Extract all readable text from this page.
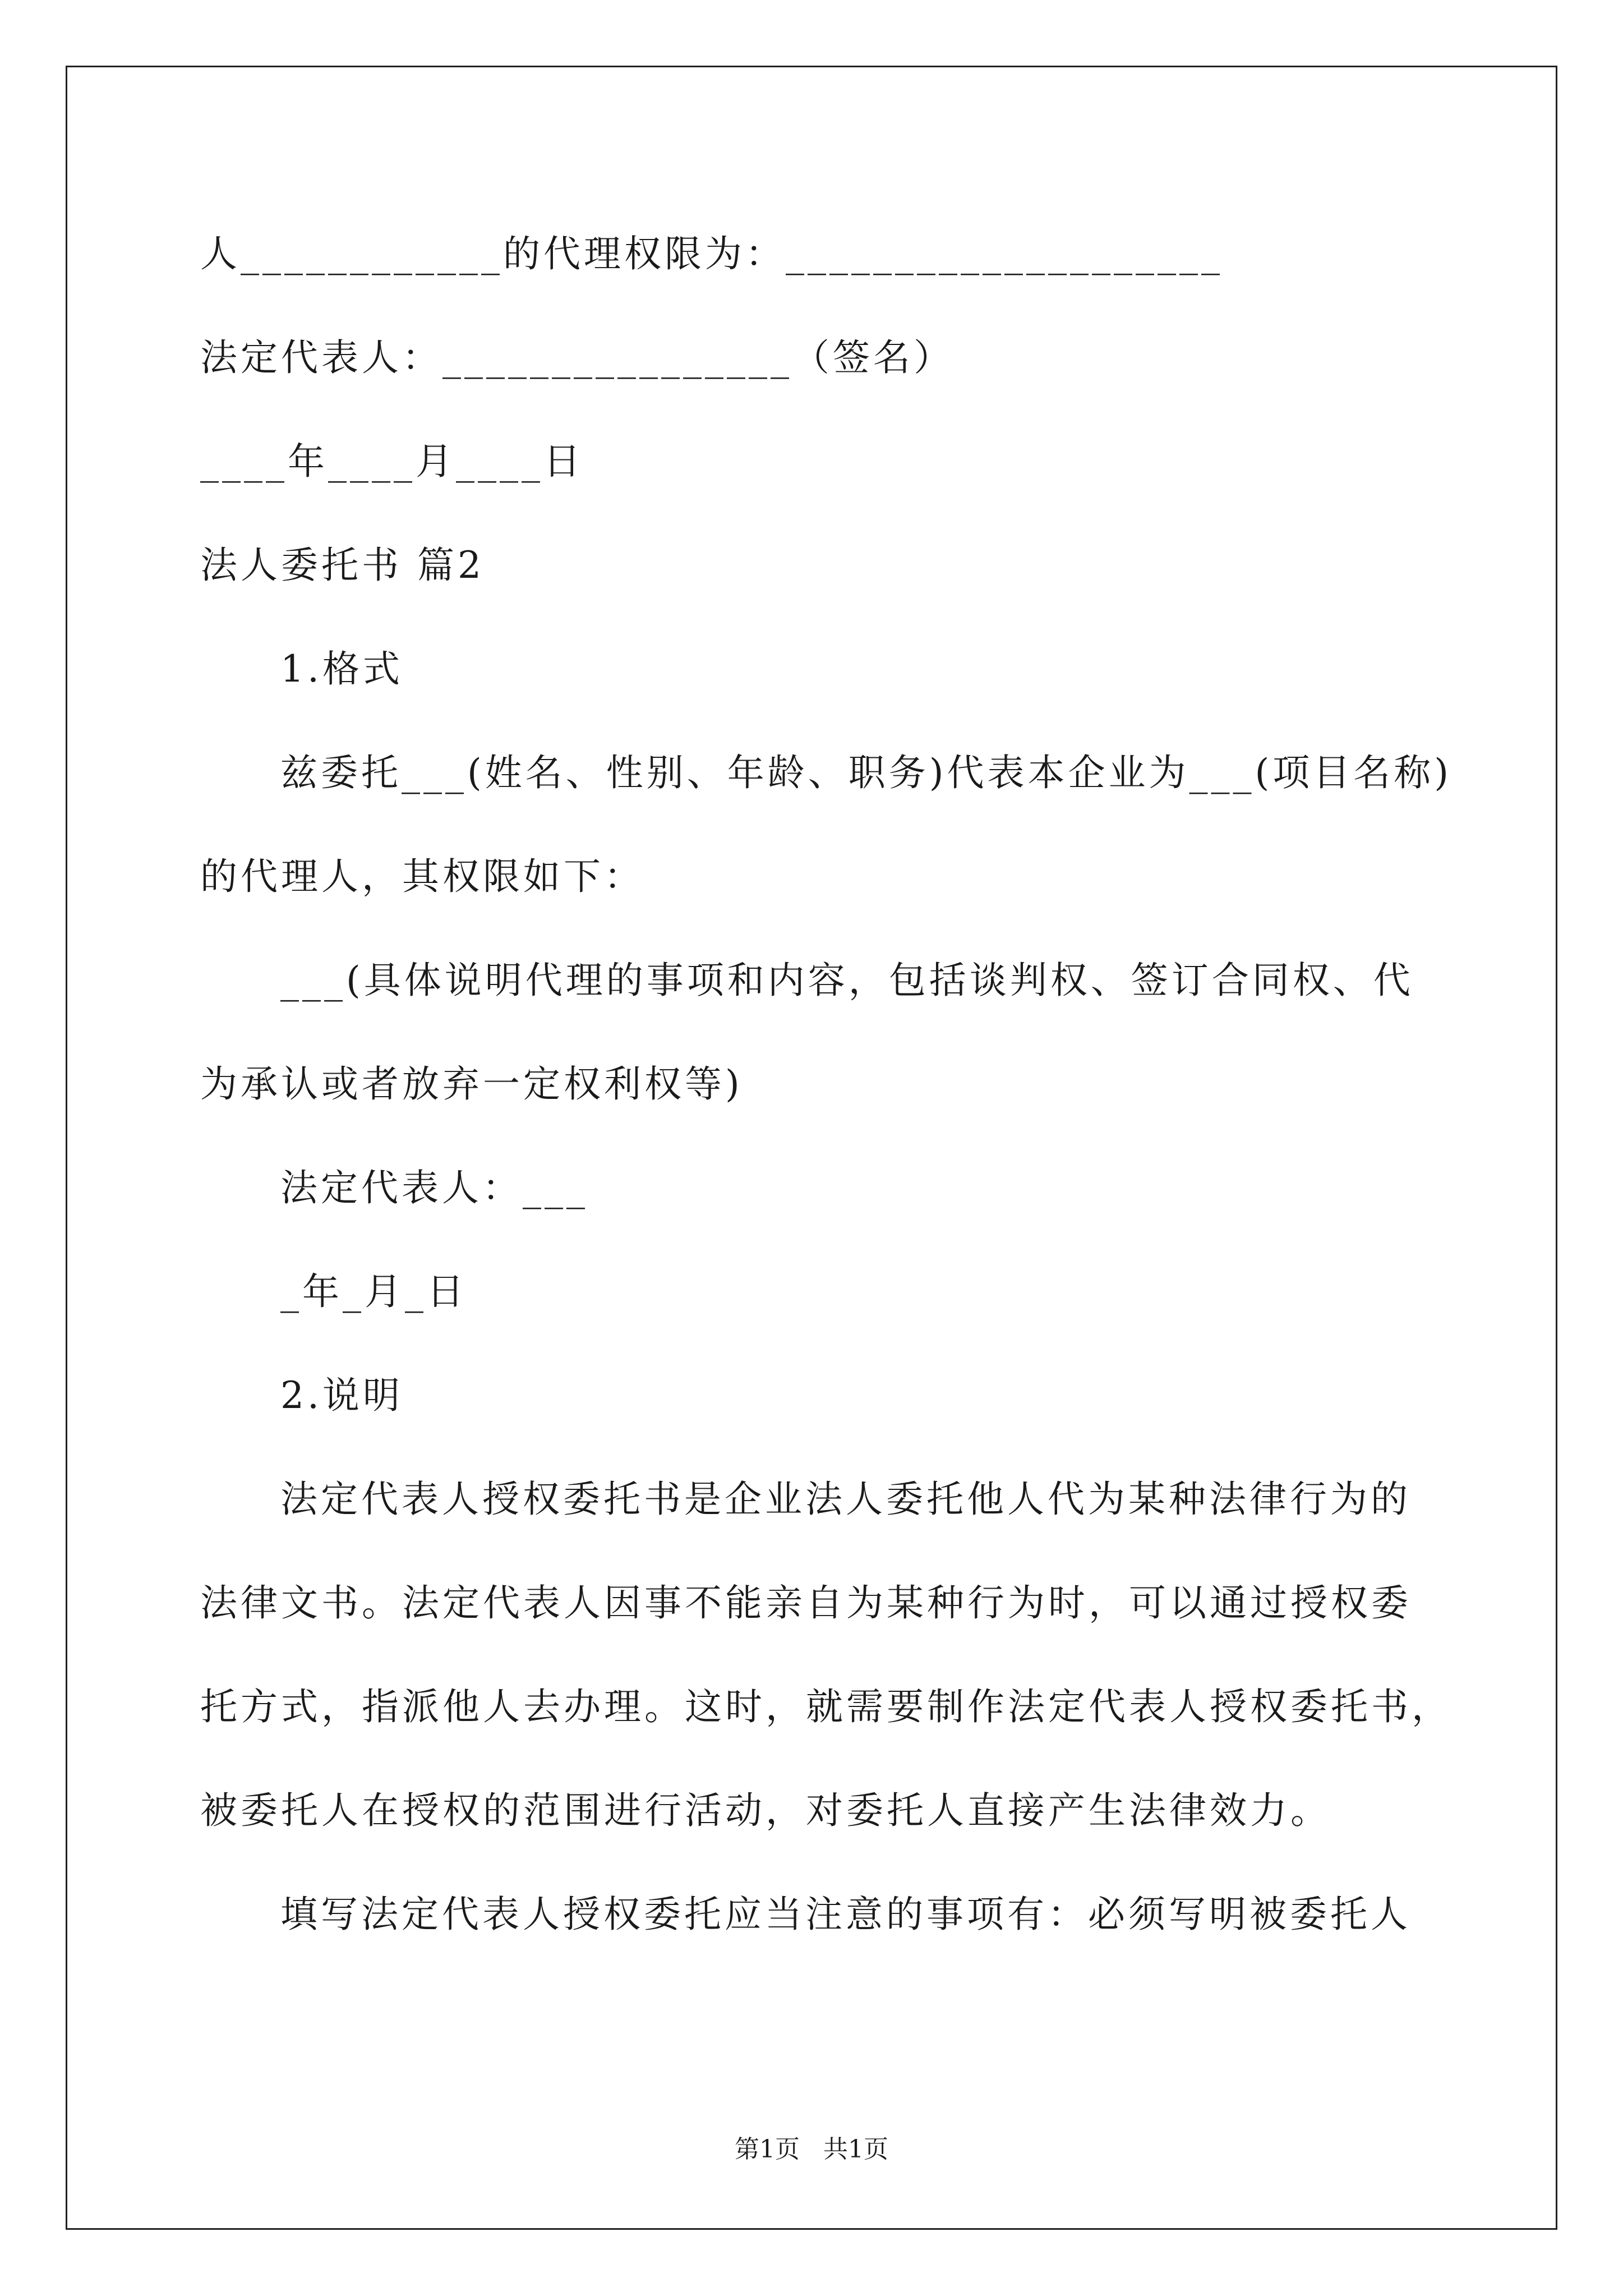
人____________的代理权限为：____________________
法定代表人：________________（签名）
____年____月____日
法人委托书 篇2
1.格式
兹委托___(姓名、性别、年龄、职务)代表本企业为___(项目名称)
的代理人，其权限如下：
___(具体说明代理的事项和内容，包括谈判权、签订合同权、代
为承认或者放弃一定权利权等)
法定代表人：___
_年_月_日
2.说明
法定代表人授权委托书是企业法人委托他人代为某种法律行为的
法律文书。法定代表人因事不能亲自为某种行为时，可以通过授权委
托方式，指派他人去办理。这时，就需要制作法定代表人授权委托书，
被委托人在授权的范围进行活动，对委托人直接产生法律效力。
填写法定代表人授权委托应当注意的事项有：必须写明被委托人
第1页   共1页
